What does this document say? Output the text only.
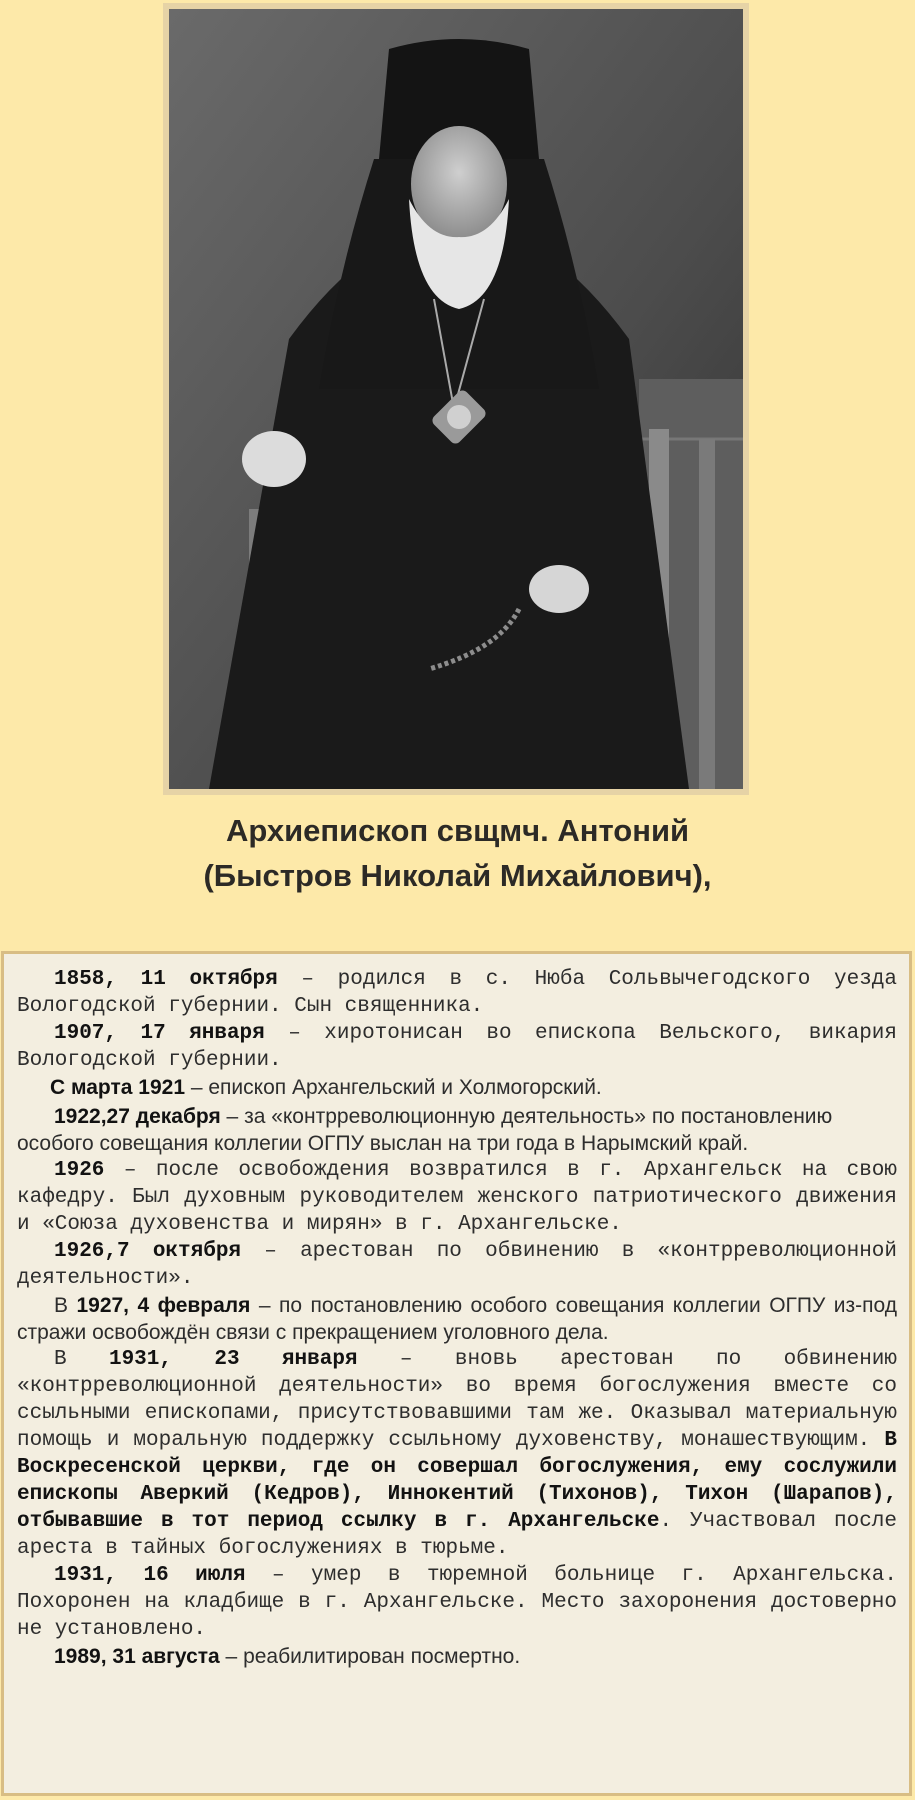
Архиепископ свщмч. Антоний
(Быстров Николай Михайлович),

1858, 11 октября – родился в с. Нюба Сольвычегодского уезда Вологодской губернии. Сын священника.

1907, 17 января – хиротонисан во епископа Вельского, викария Вологодской губернии.

С марта 1921 – епископ Архангельский и Холмогорский.

1922,27 декабря – за «контрреволюционную деятельность» по постановлению особого совещания коллегии ОГПУ выслан на три года в Нарымский край.

1926 – после освобождения возвратился в г. Архангельск на свою кафедру. Был духовным руководителем женского патриотического движения и «Союза духовенства и мирян» в г. Архангельске.

1926,7 октября – арестован по обвинению в «контрреволюционной деятельности».

В 1927, 4 февраля – по постановлению особого совещания коллегии ОГПУ из-под стражи освобождён связи с прекращением уголовного дела.

В 1931, 23 января – вновь арестован по обвинению «контрреволюционной деятельности» во время богослужения вместе со ссыльными епископами, присутствовавшими там же. Оказывал материальную помощь и моральную поддержку ссыльному духовенству, монашествующим. В Воскресенской церкви, где он совершал богослужения, ему сослужили епископы Аверкий (Кедров), Иннокентий (Тихонов), Тихон (Шарапов), отбывавшие в тот период ссылку в г. Архангельске. Участвовал после ареста в тайных богослужениях в тюрьме.

1931, 16 июля – умер в тюремной больнице г. Архангельска. Похоронен на кладбище в г. Архангельске. Место захоронения достоверно не установлено.

1989, 31 августа – реабилитирован посмертно.
